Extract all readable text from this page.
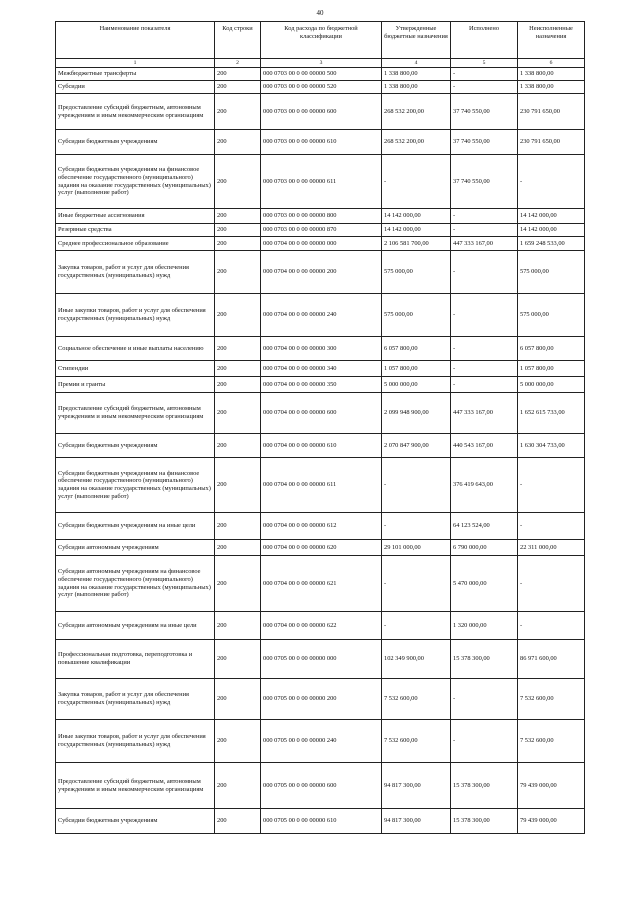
40
Наименование показателя	Код строки	Код расхода по бюджетной классификации	Утвержденные бюджетные назначения	Исполнено	Неисполненные назначения
1	2	3	4	5	6
Межбюджетные трансферты	200	000 0703 00 0 00 00000 500	1 338 800,00	-	1 338 800,00
Субсидии	200	000 0703 00 0 00 00000 520	1 338 800,00	-	1 338 800,00
Предоставление субсидий бюджетным, автономным учреждениям и иным некоммерческим организациям	200	000 0703 00 0 00 00000 600	268 532 200,00	37 740 550,00	230 791 650,00
Субсидии бюджетным учреждениям	200	000 0703 00 0 00 00000 610	268 532 200,00	37 740 550,00	230 791 650,00
Субсидии бюджетным учреждениям на финансовое обеспечение государственного (муниципального) задания на оказание государственных (муниципальных) услуг (выполнение работ)	200	000 0703 00 0 00 00000 611	-	37 740 550,00	-
Иные бюджетные ассигнования	200	000 0703 00 0 00 00000 800	14 142 000,00	-	14 142 000,00
Резервные средства	200	000 0703 00 0 00 00000 870	14 142 000,00	-	14 142 000,00
Среднее профессиональное образование	200	000 0704 00 0 00 00000 000	2 106 581 700,00	447 333 167,00	1 659 248 533,00
Закупка товаров, работ и услуг для обеспечения государственных (муниципальных) нужд	200	000 0704 00 0 00 00000 200	575 000,00	-	575 000,00
Иные закупки товаров, работ и услуг для обеспечения государственных (муниципальных) нужд	200	000 0704 00 0 00 00000 240	575 000,00	-	575 000,00
Социальное обеспечение и иные выплаты населению	200	000 0704 00 0 00 00000 300	6 057 800,00	-	6 057 800,00
Стипендии	200	000 0704 00 0 00 00000 340	1 057 800,00	-	1 057 800,00
Премии и гранты	200	000 0704 00 0 00 00000 350	5 000 000,00	-	5 000 000,00
Предоставление субсидий бюджетным, автономным учреждениям и иным некоммерческим организациям	200	000 0704 00 0 00 00000 600	2 099 948 900,00	447 333 167,00	1 652 615 733,00
Субсидии бюджетным учреждениям	200	000 0704 00 0 00 00000 610	2 070 847 900,00	440 543 167,00	1 630 304 733,00
Субсидии бюджетным учреждениям на финансовое обеспечение государственного (муниципального) задания на оказание государственных (муниципальных) услуг (выполнение работ)	200	000 0704 00 0 00 00000 611	-	376 419 643,00	-
Субсидии бюджетным учреждениям на иные цели	200	000 0704 00 0 00 00000 612	-	64 123 524,00	-
Субсидии автономным учреждениям	200	000 0704 00 0 00 00000 620	29 101 000,00	6 790 000,00	22 311 000,00
Субсидии автономным учреждениям на финансовое обеспечение государственного (муниципального) задания на оказание государственных (муниципальных) услуг (выполнение работ)	200	000 0704 00 0 00 00000 621	-	5 470 000,00	-
Субсидии автономным учреждениям на иные цели	200	000 0704 00 0 00 00000 622	-	1 320 000,00	-
Профессиональная подготовка, переподготовка и повышение квалификации	200	000 0705 00 0 00 00000 000	102 349 900,00	15 378 300,00	86 971 600,00
Закупка товаров, работ и услуг для обеспечения государственных (муниципальных) нужд	200	000 0705 00 0 00 00000 200	7 532 600,00	-	7 532 600,00
Иные закупки товаров, работ и услуг для обеспечения государственных (муниципальных) нужд	200	000 0705 00 0 00 00000 240	7 532 600,00	-	7 532 600,00
Предоставление субсидий бюджетным, автономным учреждениям и иным некоммерческим организациям	200	000 0705 00 0 00 00000 600	94 817 300,00	15 378 300,00	79 439 000,00
Субсидии бюджетным учреждениям	200	000 0705 00 0 00 00000 610	94 817 300,00	15 378 300,00	79 439 000,00
